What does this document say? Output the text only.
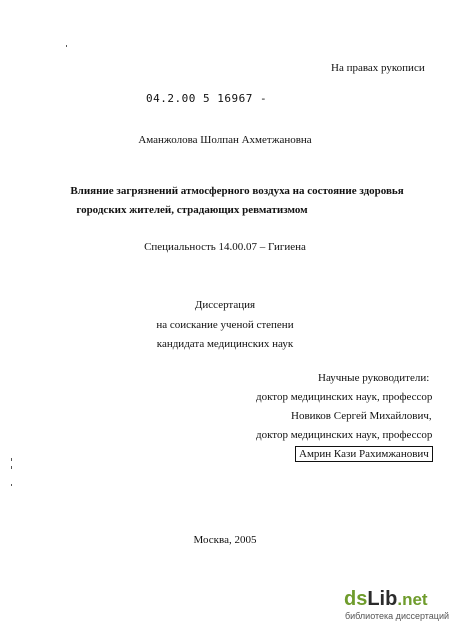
На правах рукописи
04.2.00 5 16967 -
Аманжолова Шолпан Ахметжановна
Влияние загрязнений атмосферного воздуха на состояние здоровья
городских жителей, страдающих ревматизмом
Специальность 14.00.07 – Гигиена
Диссертация
на соискание ученой степени
кандидата медицинских наук
Научные руководители:
доктор медицинских наук, профессор
Новиков Сергей Михайлович,
доктор медицинских наук, профессор
Амрин Кази Рахимжанович
Москва, 2005
dsLib.net
библиотека диссертаций
